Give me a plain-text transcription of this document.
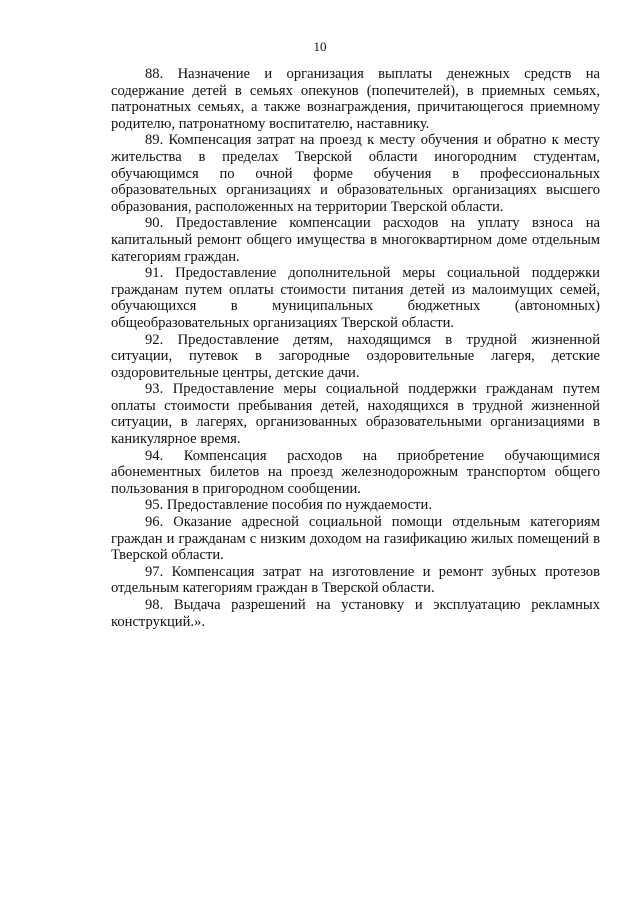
10

88. Назначение и организация выплаты денежных средств на содержание детей в семьях опекунов (попечителей), в приемных семьях, патронатных семьях, а также вознаграждения, причитающегося приемному родителю, патронатному воспитателю, наставнику.

89. Компенсация затрат на проезд к месту обучения и обратно к месту жительства в пределах Тверской области иногородним студентам, обучающимся по очной форме обучения в профессиональных образовательных организациях и образовательных организациях высшего образования, расположенных на территории Тверской области.

90. Предоставление компенсации расходов на уплату взноса на капитальный ремонт общего имущества в многоквартирном доме отдельным категориям граждан.

91. Предоставление дополнительной меры социальной поддержки гражданам путем оплаты стоимости питания детей из малоимущих семей, обучающихся в муниципальных бюджетных (автономных) общеобразовательных организациях Тверской области.

92. Предоставление детям, находящимся в трудной жизненной ситуации, путевок в загородные оздоровительные лагеря, детские оздоровительные центры, детские дачи.

93. Предоставление меры социальной поддержки гражданам путем оплаты стоимости пребывания детей, находящихся в трудной жизненной ситуации, в лагерях, организованных образовательными организациями в каникулярное время.

94. Компенсация расходов на приобретение обучающимися абонементных билетов на проезд железнодорожным транспортом общего пользования в пригородном сообщении.

95. Предоставление пособия по нуждаемости.

96. Оказание адресной социальной помощи отдельным категориям граждан и гражданам с низким доходом на газификацию жилых помещений в Тверской области.

97. Компенсация затрат на изготовление и ремонт зубных протезов отдельным категориям граждан в Тверской области.

98. Выдача разрешений на установку и эксплуатацию рекламных конструкций.».
